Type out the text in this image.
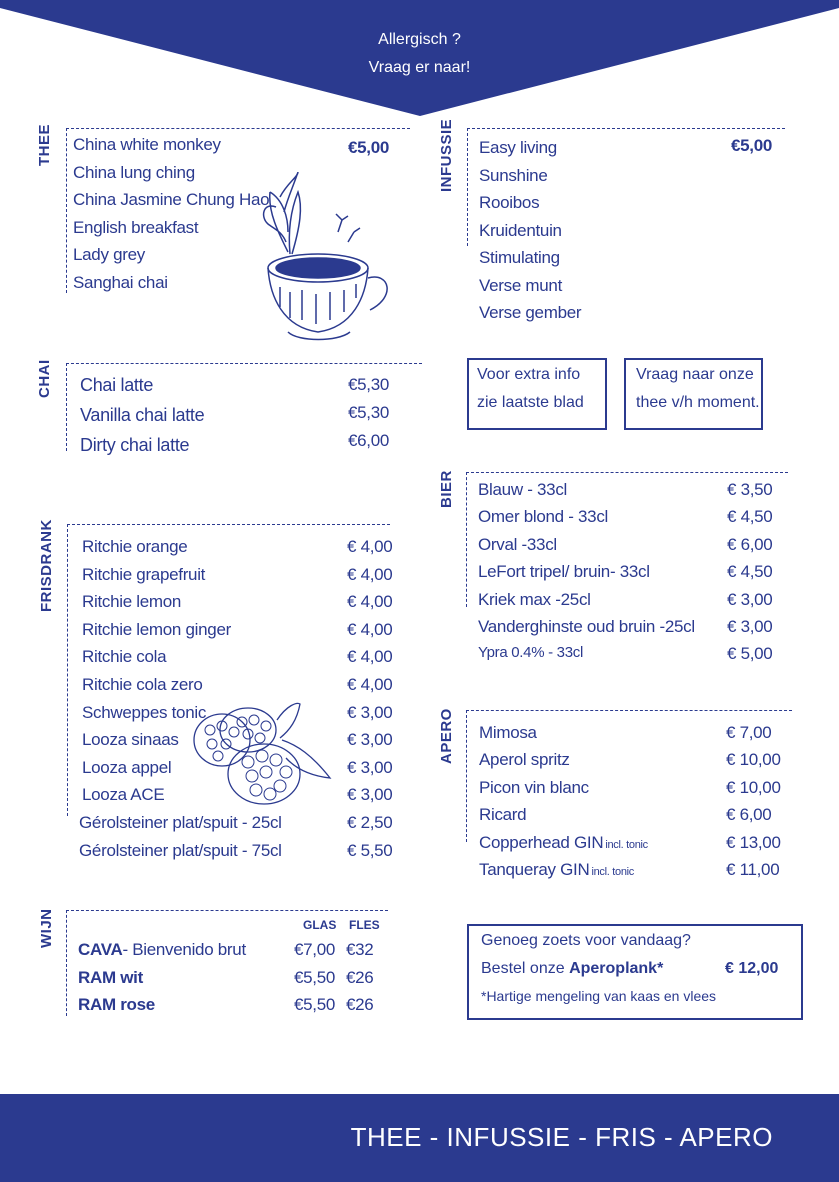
Allergisch ?
Vraag er naar!
THEE China white monkey
China lung ching
China Jasmine Chung Hao
English breakfast
Lady grey
Sanghai chai
€5,00	INFUSSIE Easy living
Sunshine
Rooibos
Kruidentuin
Stimulating
Verse munt
Verse gember
€5,00
CHAI Chai latte	€5,30
Vanilla chai latte	€5,30
Dirty chai latte	€6,00
Voor extra info
zie laatste blad
Vraag naar onze
thee v/h moment.
BIER Blauw - 33cl	€ 3,50
Omer blond - 33cl	€ 4,50
Orval -33cl	€ 6,00
LeFort tripel/ bruin- 33cl	€ 4,50
Kriek max -25cl	€ 3,00
Vanderghinste oud bruin -25cl € 3,00
Ypra 0.4% - 33cl	€ 5,00
FRISDRANK Ritchie orange	€ 4,00
Ritchie grapefruit	€ 4,00
Ritchie lemon	€ 4,00
Ritchie lemon ginger	€ 4,00
Ritchie cola	€ 4,00
Ritchie cola zero	€ 4,00
Schweppes tonic	€ 3,00
Looza sinaas	€ 3,00
Looza appel	€ 3,00
Looza ACE	€ 3,00
Gérolsteiner plat/spuit - 25cl	€ 2,50
Gérolsteiner plat/spuit - 75cl	€ 5,50
APERO Mimosa	€ 7,00
Aperol spritz	€ 10,00
Picon vin blanc	€ 10,00
Ricard	€ 6,00
Copperhead GIN incl. tonic	€ 13,00
Tanqueray GIN incl. tonic	€ 11,00
WIJN	GLAS FLES
CAVA- Bienvenido brut	€7,00 €32
RAM wit	€5,50 €26
RAM rose	€5,50 €26
Genoeg zoets voor vandaag?
Bestel onze Aperoplank*	€ 12,00
*Hartige mengeling van kaas en vlees
THEE - INFUSSIE - FRIS - APERO
